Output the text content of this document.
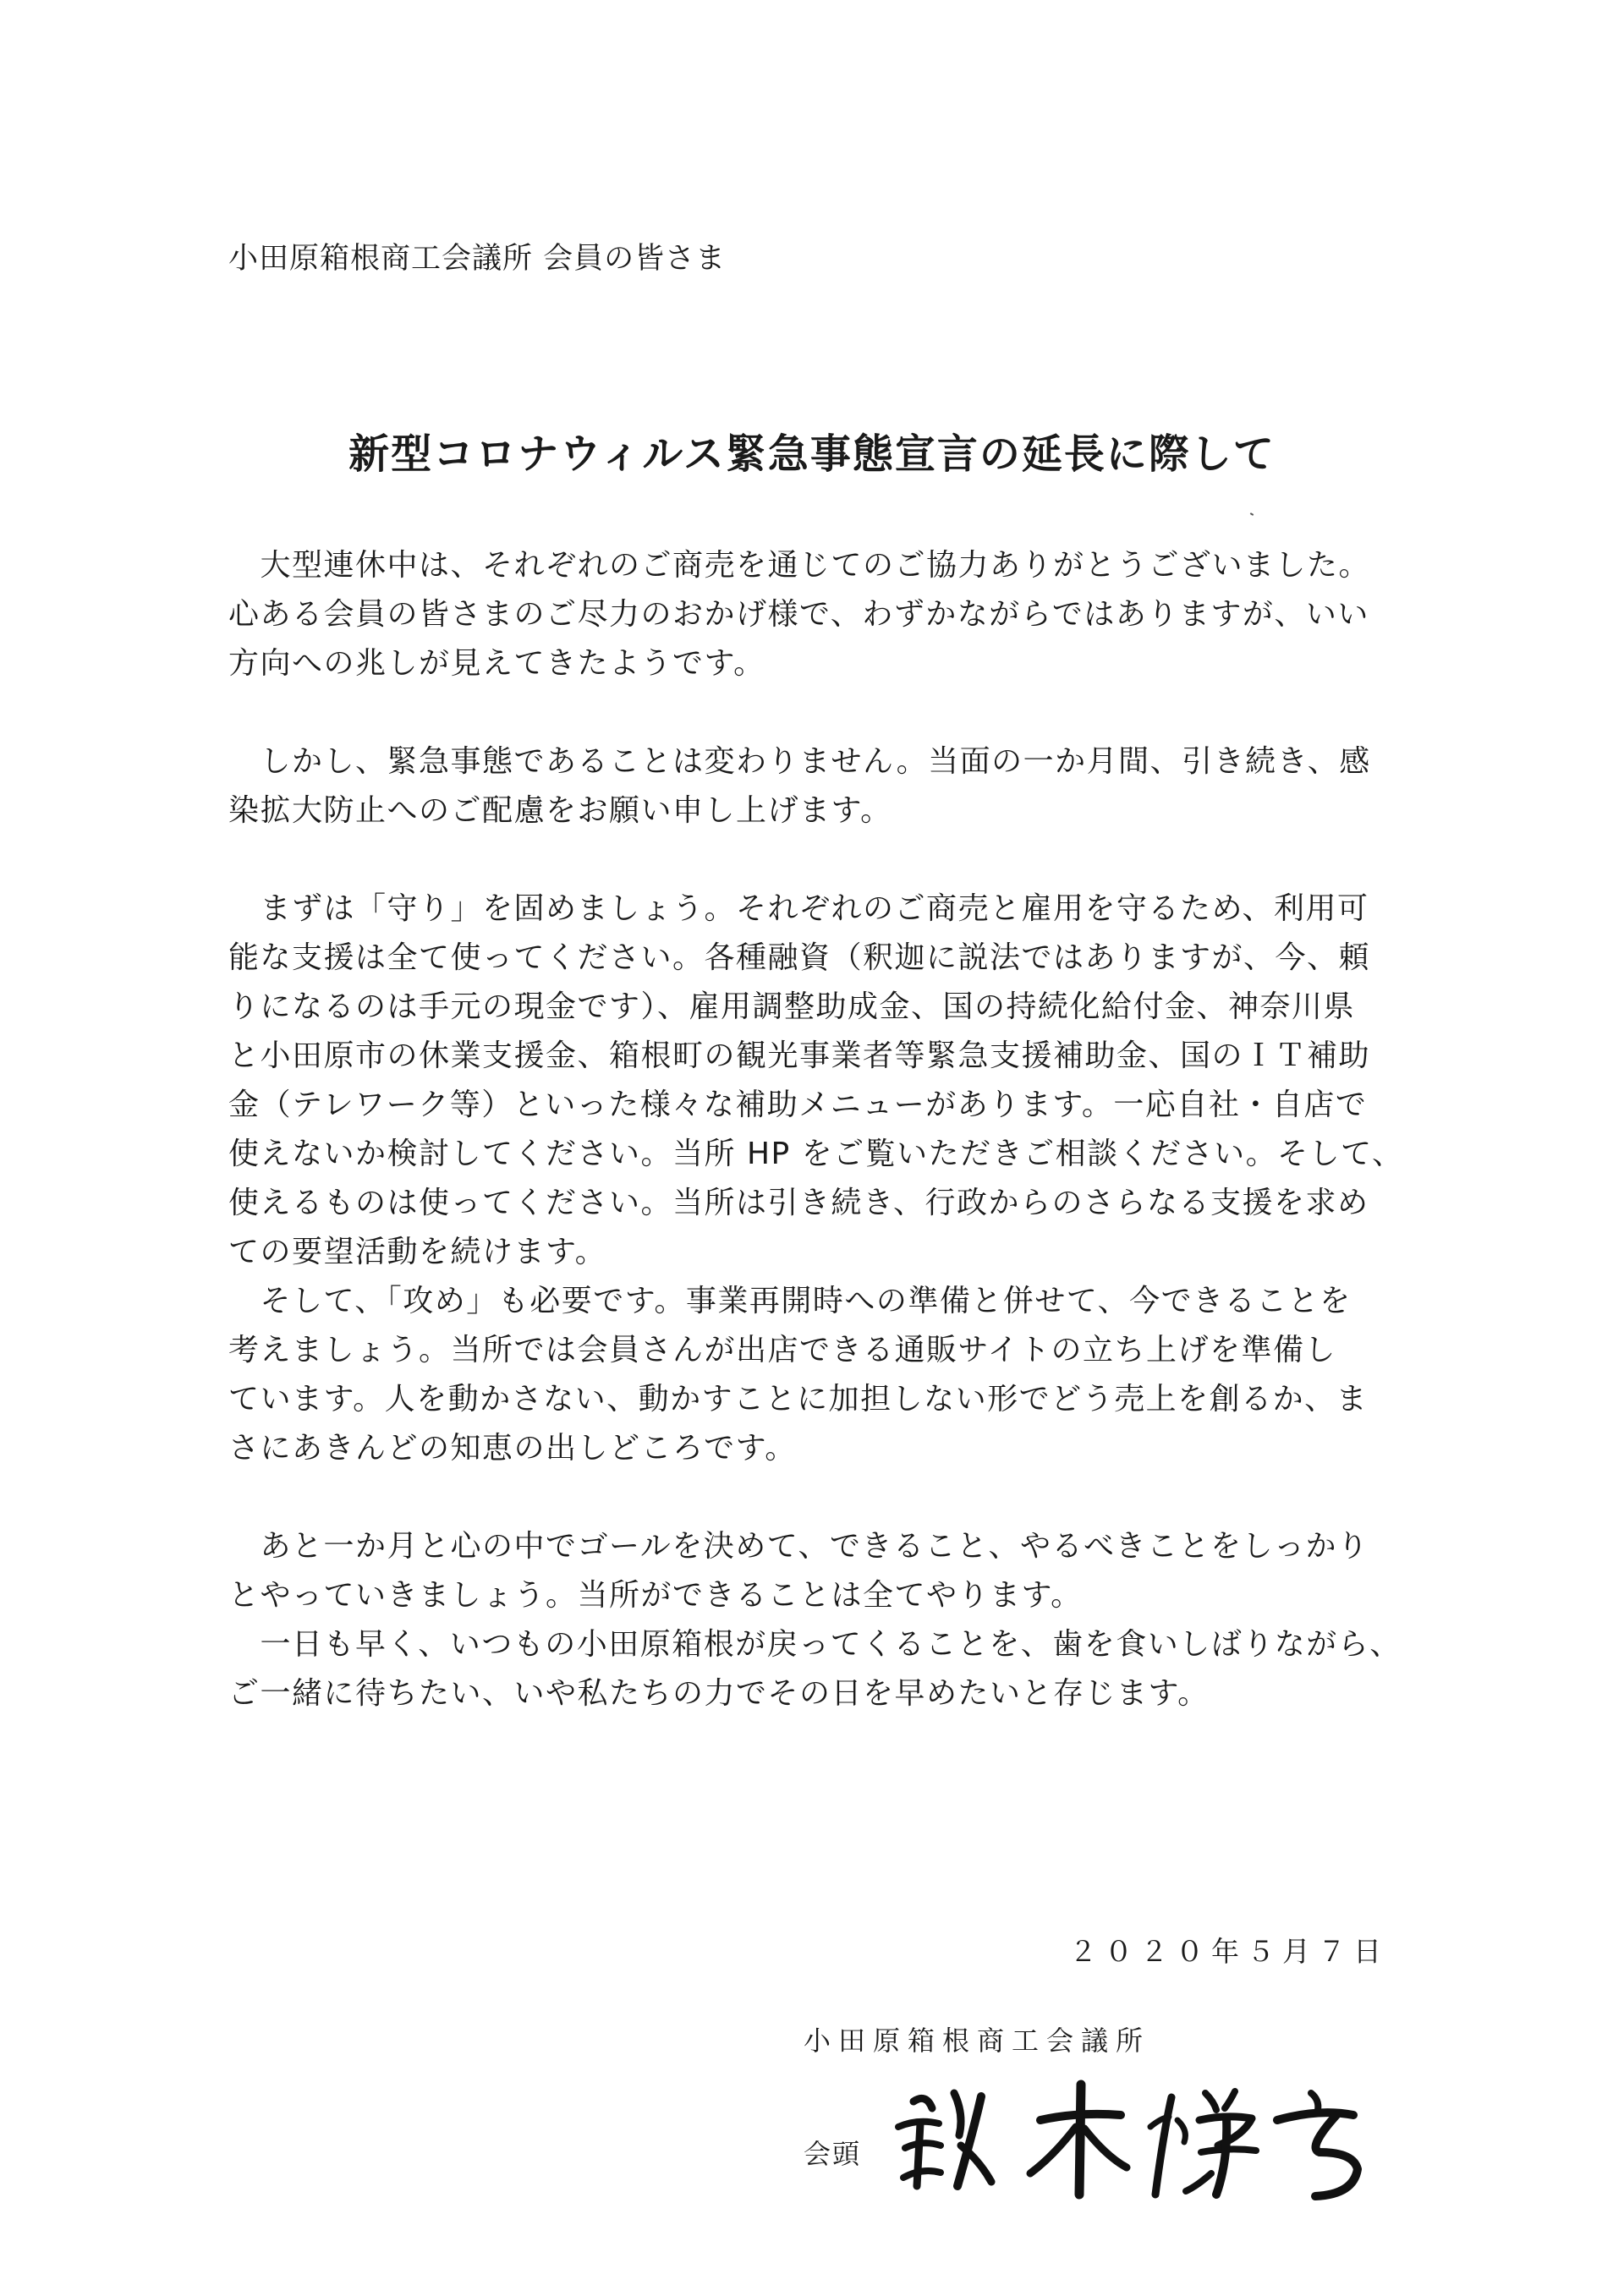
小田原箱根商工会議所 会員の皆さま
新型コロナウィルス緊急事態宣言の延長に際して
　大型連休中は、それぞれのご商売を通じてのご協力ありがとうございました。
心ある会員の皆さまのご尽力のおかげ様で、わずかながらではありますが、いい
方向への兆しが見えてきたようです。
　しかし、緊急事態であることは変わりません。当面の一か月間、引き続き、感
染拡大防止へのご配慮をお願い申し上げます。
　まずは「守り」を固めましょう。それぞれのご商売と雇用を守るため、利用可
能な支援は全て使ってください。各種融資（釈迦に説法ではありますが、今、頼
りになるのは手元の現金です）、雇用調整助成金、国の持続化給付金、神奈川県
と小田原市の休業支援金、箱根町の観光事業者等緊急支援補助金、国のＩＴ補助
金（テレワーク等）といった様々な補助メニューがあります。一応自社・自店で
使えないか検討してください。当所 HP をご覧いただきご相談ください。そして、
使えるものは使ってください。当所は引き続き、行政からのさらなる支援を求め
ての要望活動を続けます。
　そして、「攻め」も必要です。事業再開時への準備と併せて、今できることを
考えましょう。当所では会員さんが出店できる通販サイトの立ち上げを準備し
ています。人を動かさない、動かすことに加担しない形でどう売上を創るか、ま
さにあきんどの知恵の出しどころです。
　あと一か月と心の中でゴールを決めて、できること、やるべきことをしっかり
とやっていきましょう。当所ができることは全てやります。
　一日も早く、いつもの小田原箱根が戻ってくることを、歯を食いしばりながら、
ご一緒に待ちたい、いや私たちの力でその日を早めたいと存じます。
２０２０年５月７日
小田原箱根商工会議所
会頭
